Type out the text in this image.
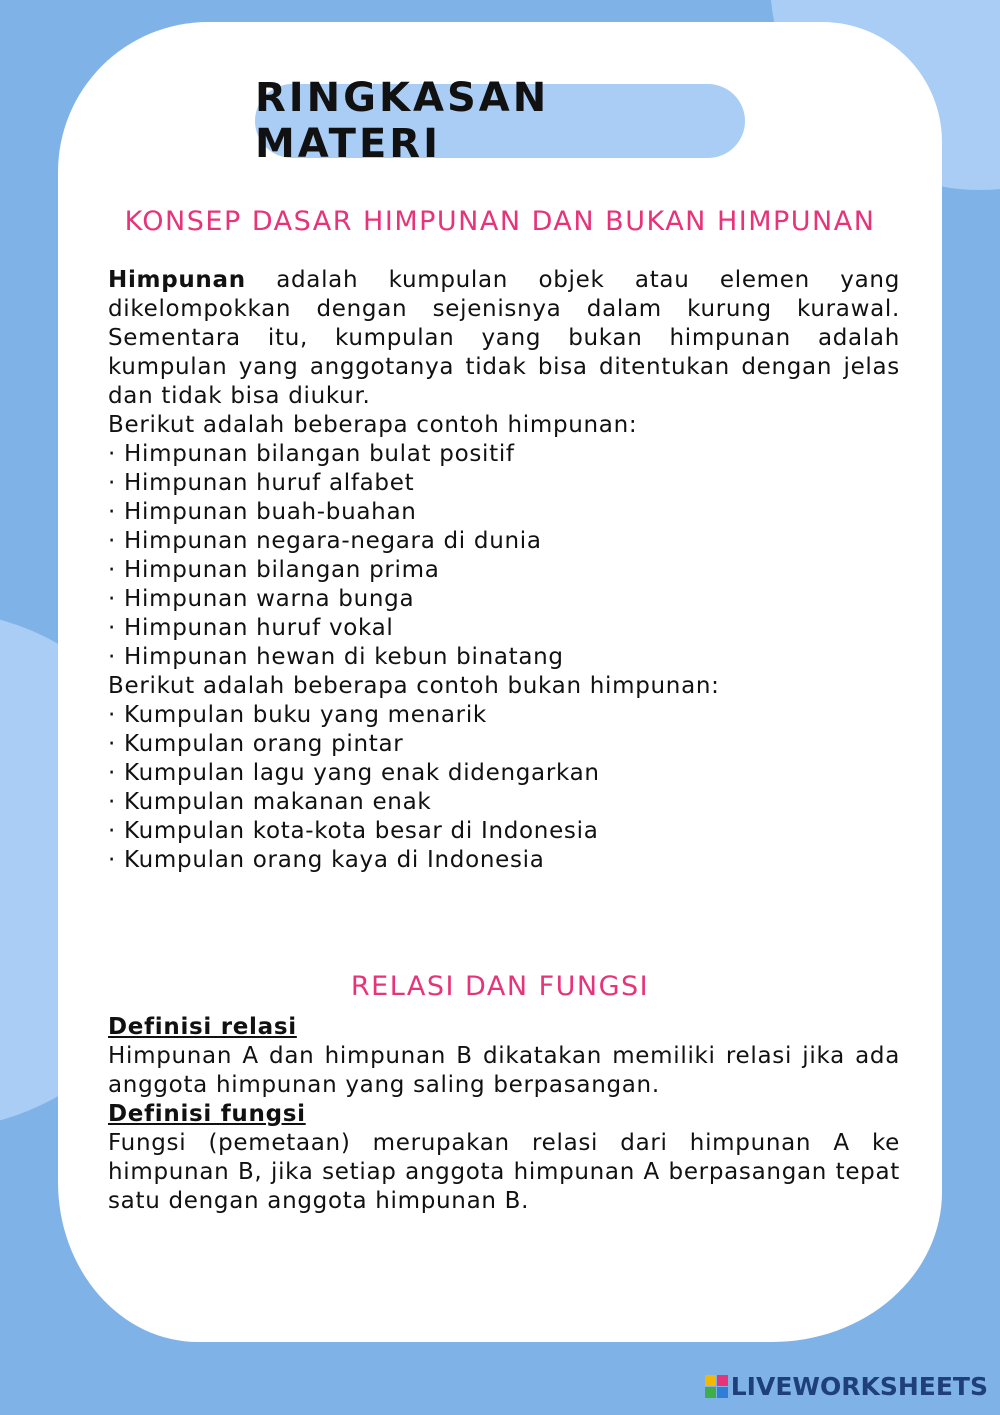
RINGKASAN MATERI
KONSEP DASAR HIMPUNAN DAN BUKAN HIMPUNAN
Himpunan adalah kumpulan objek atau elemen yang dikelompokkan dengan sejenisnya dalam kurung kurawal. Sementara itu, kumpulan yang bukan himpunan adalah kumpulan yang anggotanya tidak bisa ditentukan dengan jelas dan tidak bisa diukur.
Berikut adalah beberapa contoh himpunan:
· Himpunan bilangan bulat positif
· Himpunan huruf alfabet
· Himpunan buah-buahan
· Himpunan negara-negara di dunia
· Himpunan bilangan prima
· Himpunan warna bunga
· Himpunan huruf vokal
· Himpunan hewan di kebun binatang
Berikut adalah beberapa contoh bukan himpunan:
· Kumpulan buku yang menarik
· Kumpulan orang pintar
· Kumpulan lagu yang enak didengarkan
· Kumpulan makanan enak
· Kumpulan kota-kota besar di Indonesia
· Kumpulan orang kaya di Indonesia
RELASI DAN FUNGSI
Definisi relasi
Himpunan A dan himpunan B dikatakan memiliki relasi jika ada anggota himpunan yang saling berpasangan.
Definisi fungsi
Fungsi (pemetaan) merupakan relasi dari himpunan A ke himpunan B, jika setiap anggota himpunan A berpasangan tepat satu dengan anggota himpunan B.
LIVEWORKSHEETS
